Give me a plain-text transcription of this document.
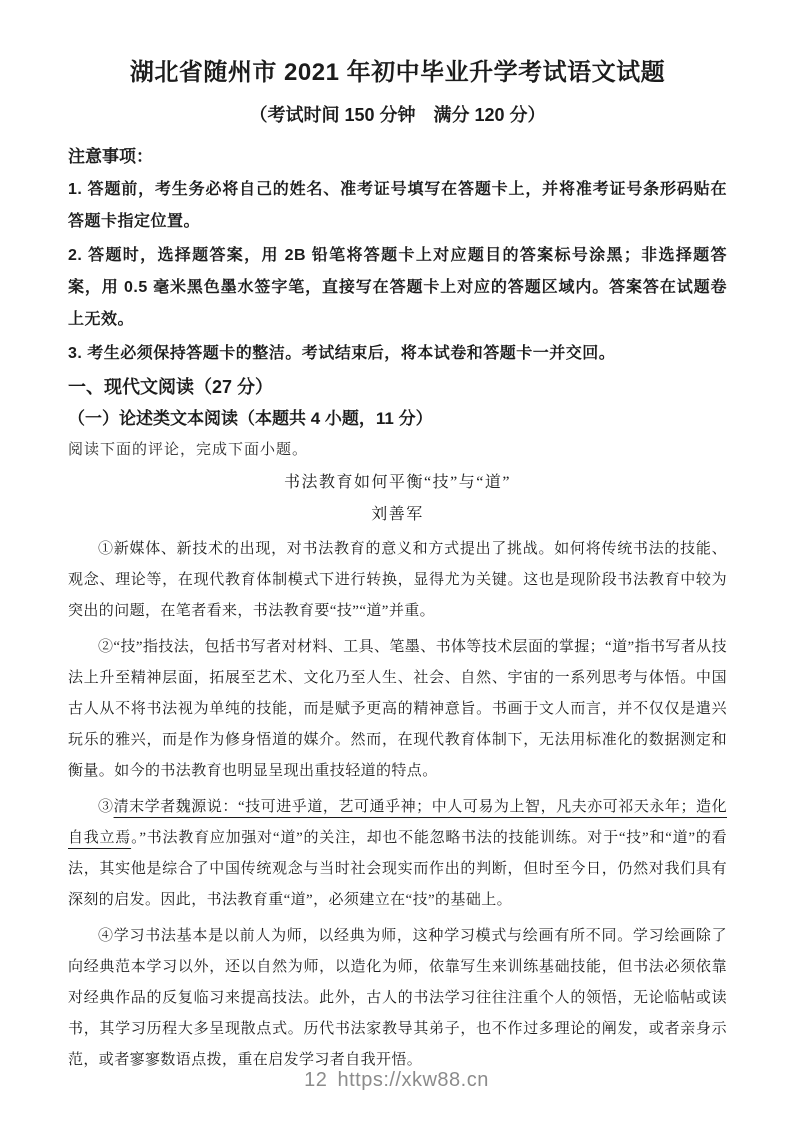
湖北省随州市 2021 年初中毕业升学考试语文试题
（考试时间 150 分钟　满分 120 分）
注意事项：

1. 答题前，考生务必将自己的姓名、准考证号填写在答题卡上，并将准考证号条形码贴在答题卡指定位置。

2. 答题时，选择题答案，用 2B 铅笔将答题卡上对应题目的答案标号涂黑；非选择题答案，用 0.5 毫米黑色墨水签字笔，直接写在答题卡上对应的答题区域内。答案答在试题卷上无效。

3. 考生必须保持答题卡的整洁。考试结束后，将本试卷和答题卡一并交回。

一、现代文阅读（27 分）
（一）论述类文本阅读（本题共 4 小题，11 分）

阅读下面的评论，完成下面小题。

书法教育如何平衡“技”与“道”
刘善军

①新媒体、新技术的出现，对书法教育的意义和方式提出了挑战。如何将传统书法的技能、观念、理论等，在现代教育体制模式下进行转换，显得尤为关键。这也是现阶段书法教育中较为突出的问题，在笔者看来，书法教育要“技”“道”并重。

②“技”指技法，包括书写者对材料、工具、笔墨、书体等技术层面的掌握；“道”指书写者从技法上升至精神层面，拓展至艺术、文化乃至人生、社会、自然、宇宙的一系列思考与体悟。中国古人从不将书法视为单纯的技能，而是赋予更高的精神意旨。书画于文人而言，并不仅仅是遣兴玩乐的雅兴，而是作为修身悟道的媒介。然而，在现代教育体制下，无法用标准化的数据测定和衡量。如今的书法教育也明显呈现出重技轻道的特点。

③清末学者魏源说：“技可进乎道，艺可通乎神；中人可易为上智，凡夫亦可祁天永年；造化自我立焉。”书法教育应加强对“道”的关注，却也不能忽略书法的技能训练。对于“技”和“道”的看法，其实他是综合了中国传统观念与当时社会现实而作出的判断，但时至今日，仍然对我们具有深刻的启发。因此，书法教育重“道”，必须建立在“技”的基础上。

④学习书法基本是以前人为师，以经典为师，这种学习模式与绘画有所不同。学习绘画除了向经典范本学习以外，还以自然为师，以造化为师，依靠写生来训练基础技能，但书法必须依靠对经典作品的反复临习来提高技法。此外，古人的书法学习往往注重个人的领悟，无论临帖或读书，其学习历程大多呈现散点式。历代书法家教导其弟子，也不作过多理论的阐发，或者亲身示范，或者寥寥数语点拨，重在启发学习者自我开悟。

12 https://xkw88.cn
